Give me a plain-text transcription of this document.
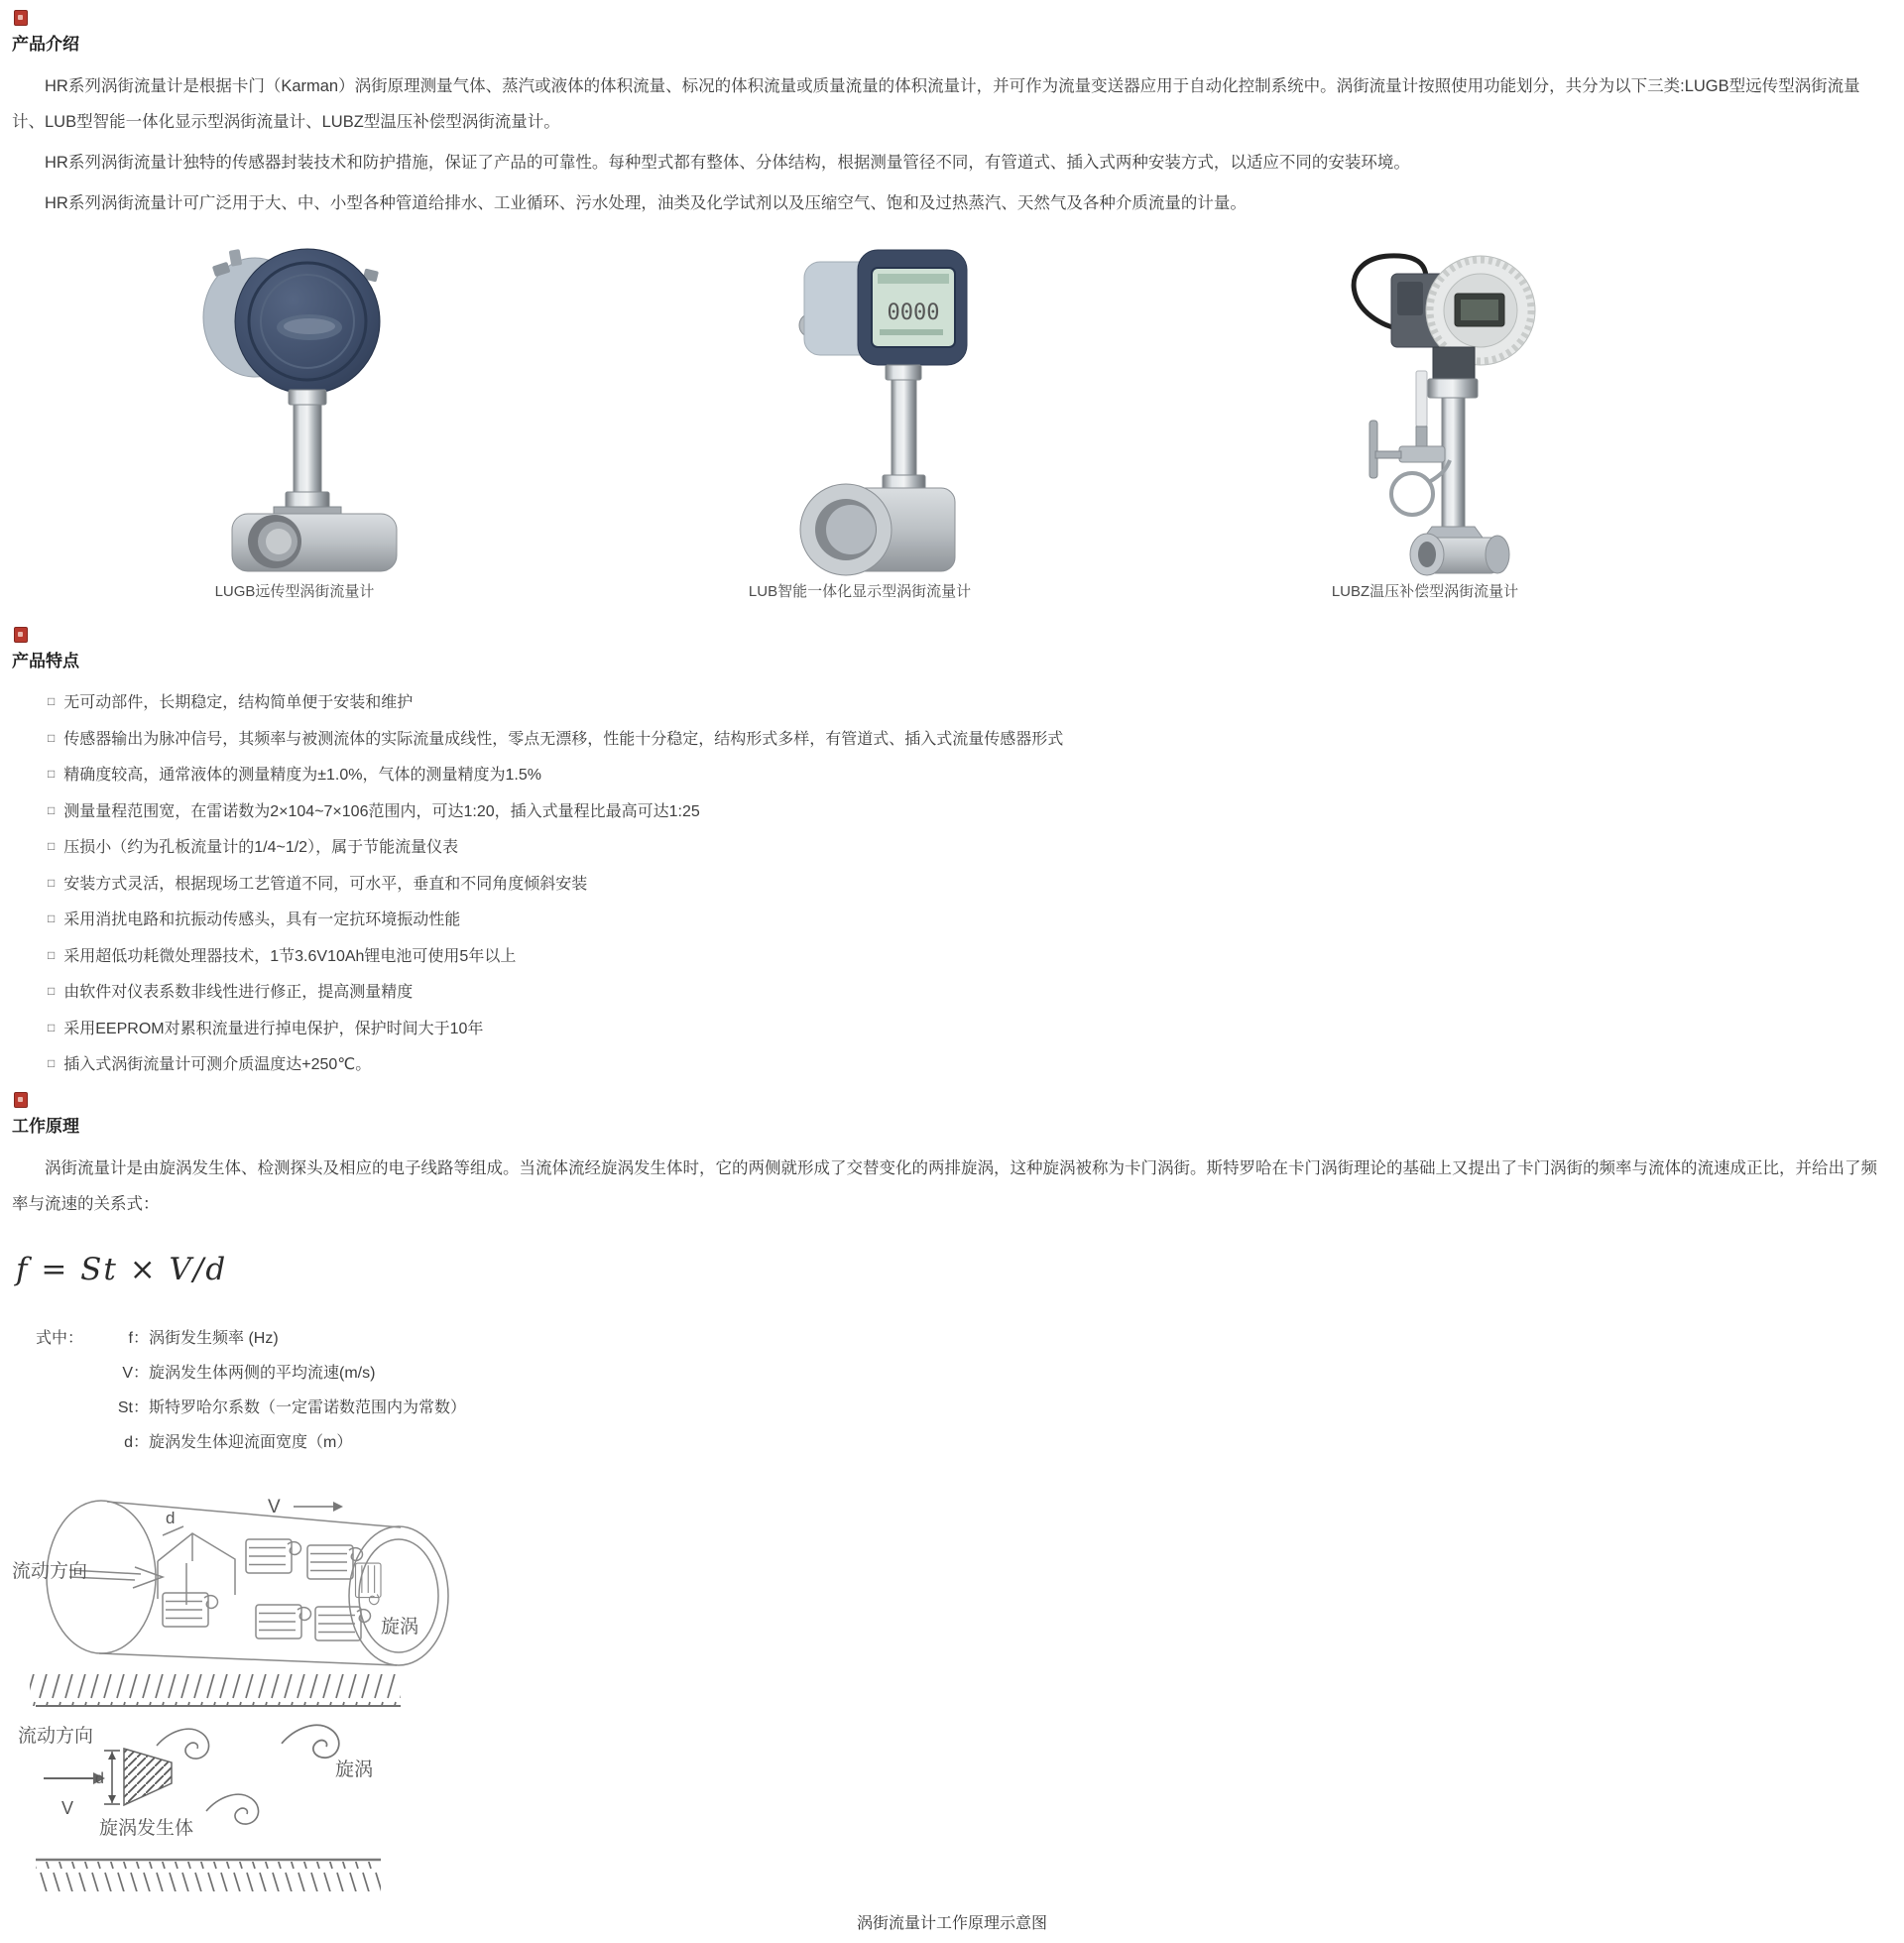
产品介绍

HR系列涡街流量计是根据卡门（Karman）涡街原理测量气体、蒸汽或液体的体积流量、标况的体积流量或质量流量的体积流量计，并可作为流量变送器应用于自动化控制系统中。涡街流量计按照使用功能划分，共分为以下三类:LUGB型远传型涡街流量计、LUB型智能一体化显示型涡街流量计、LUBZ型温压补偿型涡街流量计。

HR系列涡街流量计独特的传感器封装技术和防护措施，保证了产品的可靠性。每种型式都有整体、分体结构，根据测量管径不同，有管道式、插入式两种安装方式，以适应不同的安装环境。

HR系列涡街流量计可广泛用于大、中、小型各种管道给排水、工业循环、污水处理，油类及化学试剂以及压缩空气、饱和及过热蒸汽、天然气及各种介质流量的计量。

LUGB远传型涡街流量计
0000
LUB智能一体化显示型涡街流量计	LUBZ温压补偿型涡街流量计
产品特点
□ 无可动部件，长期稳定，结构简单便于安装和维护
□ 传感器输出为脉冲信号，其频率与被测流体的实际流量成线性，零点无漂移，性能十分稳定，结构形式多样，有管道式、插入式流量传感器形式
□ 精确度较高，通常液体的测量精度为±1.0%，气体的测量精度为1.5%
□ 测量量程范围宽，在雷诺数为2×104~7×106范围内，可达1:20，插入式量程比最高可达1:25
□ 压损小（约为孔板流量计的1/4~1/2），属于节能流量仪表
□ 安装方式灵活，根据现场工艺管道不同，可水平，垂直和不同角度倾斜安装
□ 采用消扰电路和抗振动传感头，具有一定抗环境振动性能
□ 采用超低功耗微处理器技术，1节3.6V10Ah锂电池可使用5年以上
□ 由软件对仪表系数非线性进行修正，提高测量精度
□ 采用EEPROM对累积流量进行掉电保护，保护时间大于10年
□ 插入式涡街流量计可测介质温度达+250℃。
工作原理

涡街流量计是由旋涡发生体、检测探头及相应的电子线路等组成。当流体流经旋涡发生体时，它的两侧就形成了交替变化的两排旋涡，这种旋涡被称为卡门涡街。斯特罗哈在卡门涡街理论的基础上又提出了卡门涡街的频率与流体的流速成正比，并给出了频率与流速的关系式：

f = St × V/d
式中：	f ： 涡街发生频率 (Hz)
V ： 旋涡发生体两侧的平均流速(m/s)
St ： 斯特罗哈尔系数（一定雷诺数范围内为常数）
d ： 旋涡发生体迎流面宽度（m）
流动方向
d
V
旋涡
流动方向
V
d
旋涡发生体
旋涡
涡街流量计工作原理示意图
